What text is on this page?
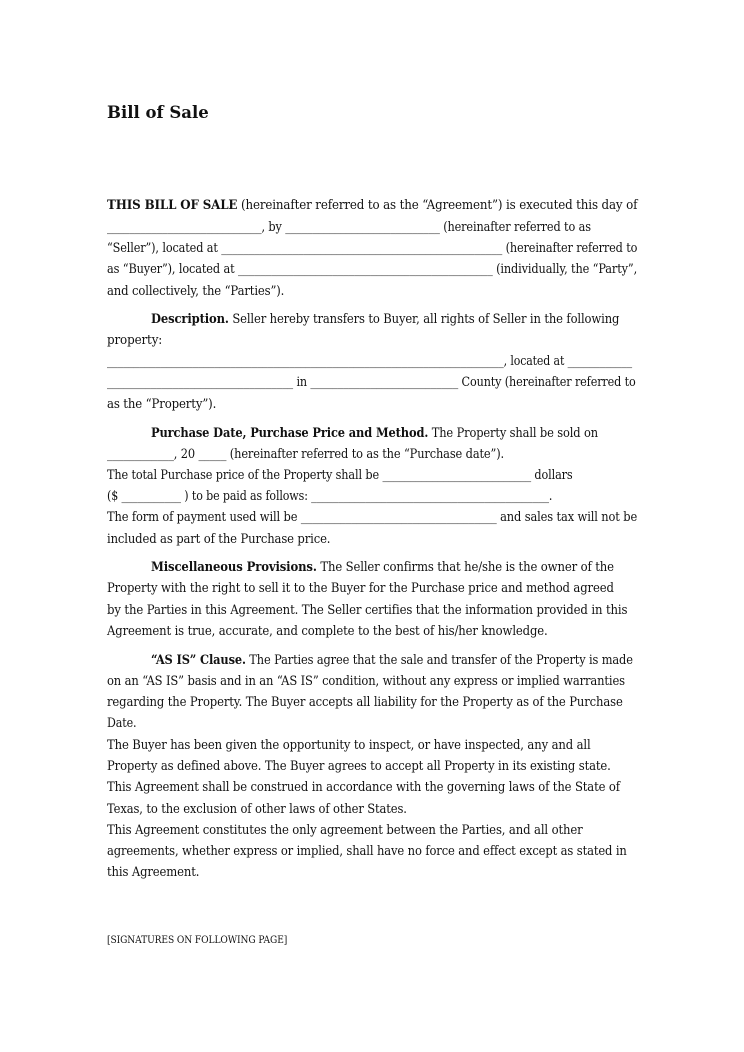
Bill of Sale
THIS BILL OF SALE (hereinafter referred to as the “Agreement”) is executed this day of
____________________________, by ____________________________ (hereinafter referred to as
“Seller”), located at ___________________________________________________ (hereinafter referred to
as “Buyer”), located at ______________________________________________ (individually, the “Party”,
and collectively, the “Parties”).
Description. Seller hereby transfers to Buyer, all rights of Seller in the following
property:
__________________________________________________________________________, located at ____________
__________________________________ in ___________________________ County (hereinafter referred to
as the “Property”).
Purchase Date, Purchase Price and Method. The Property shall be sold on
____________, 20 _____ (hereinafter referred to as the “Purchase date”).
The total Purchase price of the Property shall be ___________________________ dollars
($ ___________ ) to be paid as follows: ____________________________________________.
The form of payment used will be ___________________________________ and sales tax will not be
included as part of the Purchase price.
Miscellaneous Provisions. The Seller confirms that he/she is the owner of the
Property with the right to sell it to the Buyer for the Purchase price and method agreed
by the Parties in this Agreement. The Seller certifies that the information provided in this
Agreement is true, accurate, and complete to the best of his/her knowledge.
“AS IS” Clause. The Parties agree that the sale and transfer of the Property is made
on an “AS IS” basis and in an “AS IS” condition, without any express or implied warranties
regarding the Property. The Buyer accepts all liability for the Property as of the Purchase
Date.
The Buyer has been given the opportunity to inspect, or have inspected, any and all
Property as defined above. The Buyer agrees to accept all Property in its existing state.
This Agreement shall be construed in accordance with the governing laws of the State of
Texas, to the exclusion of other laws of other States.
This Agreement constitutes the only agreement between the Parties, and all other
agreements, whether express or implied, shall have no force and effect except as stated in
this Agreement.
[SIGNATURES ON FOLLOWING PAGE]
